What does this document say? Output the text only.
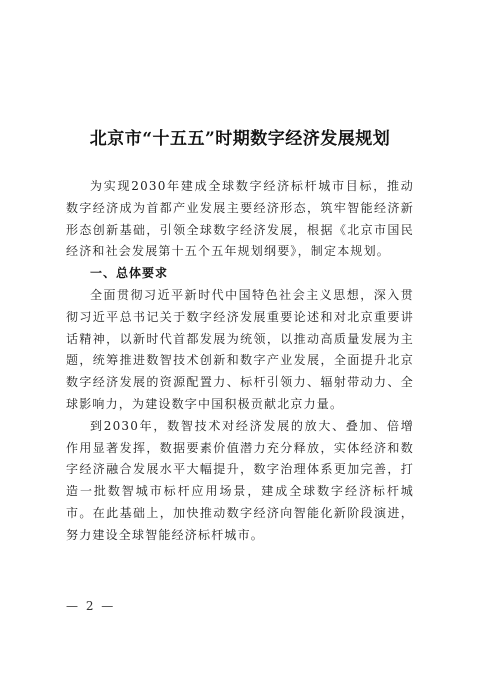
北京市“十五五”时期数字经济发展规划

为实现2030年建成全球数字经济标杆城市目标，推动数字经济成为首都产业发展主要经济形态，筑牢智能经济新形态创新基础，引领全球数字经济发展，根据《北京市国民经济和社会发展第十五个五年规划纲要》，制定本规划。

一、总体要求

全面贯彻习近平新时代中国特色社会主义思想，深入贯彻习近平总书记关于数字经济发展重要论述和对北京重要讲话精神，以新时代首都发展为统领，以推动高质量发展为主题，统筹推进数智技术创新和数字产业发展，全面提升北京数字经济发展的资源配置力、标杆引领力、辐射带动力、全球影响力，为建设数字中国积极贡献北京力量。

到2030年，数智技术对经济发展的放大、叠加、倍增作用显著发挥，数据要素价值潜力充分释放，实体经济和数字经济融合发展水平大幅提升，数字治理体系更加完善，打造一批数智城市标杆应用场景，建成全球数字经济标杆城市。在此基础上，加快推动数字经济向智能化新阶段演进，努力建设全球智能经济标杆城市。

— 2 —
